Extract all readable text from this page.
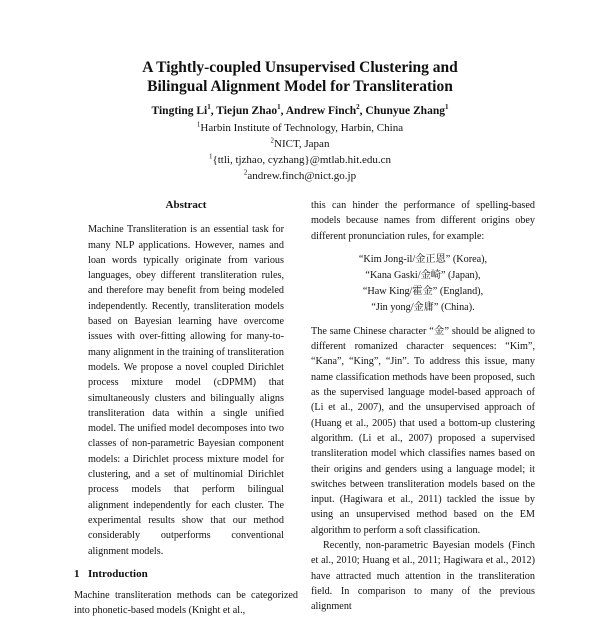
A Tightly-coupled Unsupervised Clustering and
Bilingual Alignment Model for Transliteration
Tingting Li$^1$, Tiejun Zhao$^1$, Andrew Finch$^2$, Chunyue Zhang$^1$
$^1$Harbin Institute of Technology, Harbin, China
$^2$NICT, Japan
$^1${ttli, tjzhao, cyzhang}@mtlab.hit.edu.cn
$^2$andrew.finch@nict.go.jp
Abstract

Machine Transliteration is an essential task for many NLP applications. However, names and loan words typically originate from various languages, obey different transliteration rules, and therefore may benefit from being modeled independently. Recently, transliteration models based on Bayesian learning have overcome issues with over-fitting allowing for many-to-many alignment in the training of transliteration models. We propose a novel coupled Dirichlet process mixture model (cDPMM) that simultaneously clusters and bilingually aligns transliteration data within a single unified model. The unified model decomposes into two classes of non-parametric Bayesian component models: a Dirichlet process mixture model for clustering, and a set of multinomial Dirichlet process models that perform bilingual alignment independently for each cluster. The experimental results show that our method considerably outperforms conventional alignment models.

1 Introduction

Machine transliteration methods can be categorized into phonetic-based models (Knight et al.,

this can hinder the performance of spelling-based models because names from different origins obey different pronunciation rules, for example:

“Kim Jong-il/金正恩” (Korea),
“Kana Gaski/金崎” (Japan),
“Haw King/霍金” (England),
“Jin yong/金庸” (China).

The same Chinese character “金” should be aligned to different romanized character sequences: “Kim”, “Kana”, “King”, “Jin”. To address this issue, many name classification methods have been proposed, such as the supervised language model-based approach of (Li et al., 2007), and the unsupervised approach of (Huang et al., 2005) that used a bottom-up clustering algorithm. (Li et al., 2007) proposed a supervised transliteration model which classifies names based on their origins and genders using a language model; it switches between transliteration models based on the input. (Hagiwara et al., 2011) tackled the issue by using an unsupervised method based on the EM algorithm to perform a soft classification.

Recently, non-parametric Bayesian models (Finch et al., 2010; Huang et al., 2011; Hagiwara et al., 2012) have attracted much attention in the transliteration field. In comparison to many of the previous alignment
